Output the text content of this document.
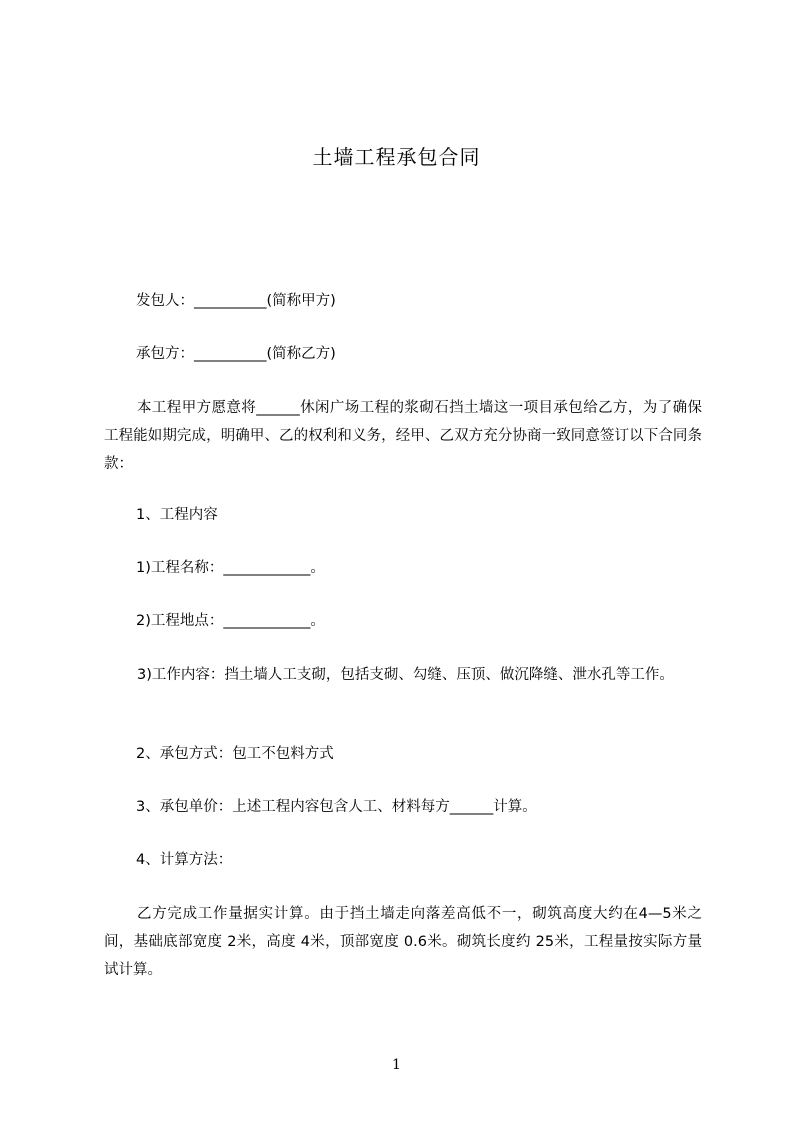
土墙工程承包合同
发包人：__________(简称甲方)
承包方：__________(简称乙方)
本工程甲方愿意将______休闲广场工程的浆砌石挡土墙这一项目承包给乙方，为了确保工程能如期完成，明确甲、乙的权利和义务，经甲、乙双方充分协商一致同意签订以下合同条款：
1、工程内容
1)工程名称：____________。
2)工程地点：____________。
3)工作内容：挡土墙人工支砌，包括支砌、勾缝、压顶、做沉降缝、泄水孔等工作。
2、承包方式：包工不包料方式
3、承包单价：上述工程内容包含人工、材料每方______计算。
4、计算方法：
乙方完成工作量据实计算。由于挡土墙走向落差高低不一，砌筑高度大约在4—5米之间，基础底部宽度 2米，高度 4米，顶部宽度 0.6米。砌筑长度约 25米，工程量按实际方量试计算。
1
